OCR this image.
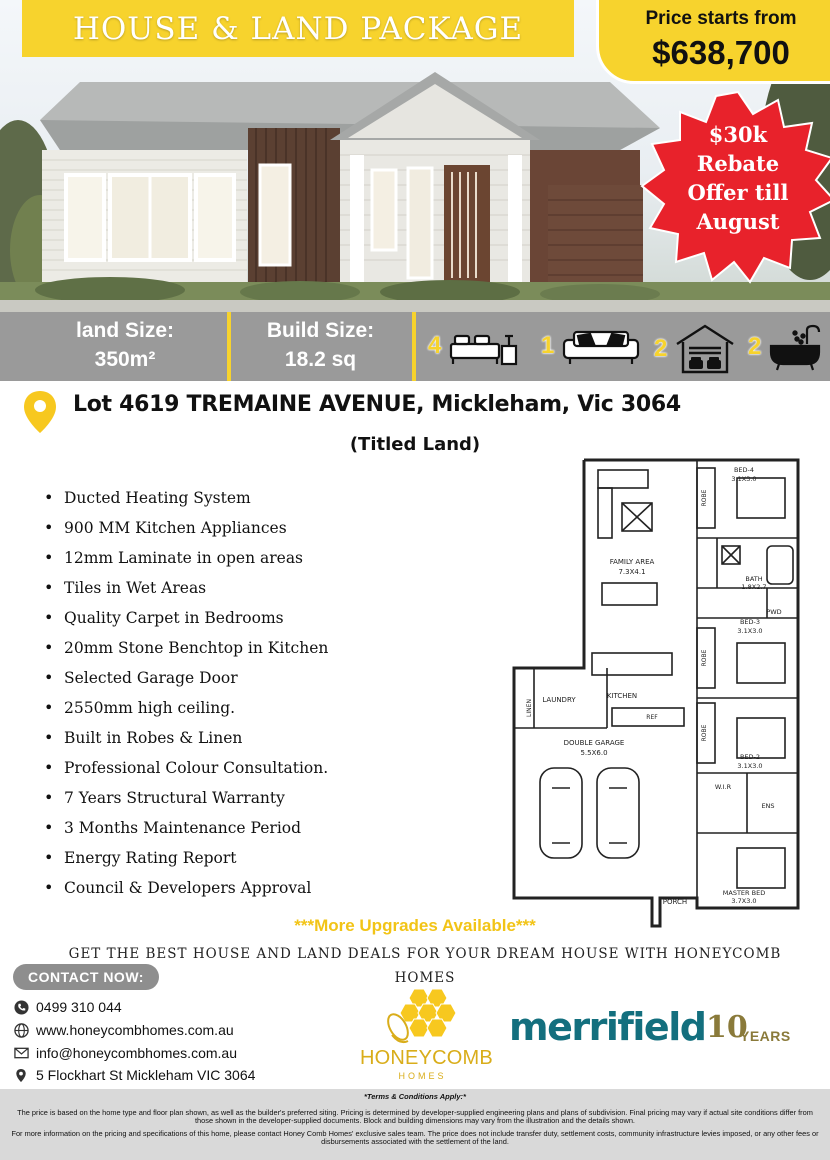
HOUSE & LAND PACKAGE	Price starts from
$638,700
$30k
Rebate
Offer till
August
land Size:
350m²
Build Size:
18.2 sq
4	1	2	2
Lot 4619 TREMAINE AVENUE, Mickleham, Vic 3064
(Titled Land)
• Ducted Heating System
• 900 MM Kitchen Appliances
• 12mm Laminate in open areas
• Tiles in Wet Areas
• Quality Carpet in Bedrooms
• 20mm Stone Benchtop in Kitchen
• Selected Garage Door
• 2550mm high ceiling.
• Built in Robes & Linen
• Professional Colour Consultation.
• 7 Years Structural Warranty
• 3 Months Maintenance Period
• Energy Rating Report
• Council & Developers Approval
FAMILY AREA
7.3X4.1
KITCHEN
LAUNDRY
LINEN
REF
DOUBLE GARAGE
5.5X6.0
PORCH
BED-4
3.1X3.0
BATH
1.8X2.7
PWD
BED-3
3.1X3.0
BED-2
3.1X3.0
W.I.R
ENS
MASTER BED
3.7X3.0
ROBE
ROBE
ROBE
***More Upgrades Available***
GET THE BEST HOUSE AND LAND DEALS FOR YOUR DREAM HOUSE WITH HONEYCOMB HOMES
CONTACT NOW:
0499 310 044
www.honeycombhomes.com.au
info@honeycombhomes.com.au
5 Flockhart St Mickleham VIC 3064
HONEYCOMB
HOMES
merrifield 10
YEARS
*Terms & Conditions Apply:*
The price is based on the home type and floor plan shown, as well as the builder's preferred siting. Pricing is determined by developer-supplied engineering plans and plans of subdivision. Final pricing may vary if actual site conditions differ from those shown in the developer-supplied documents. Block and building dimensions may vary from the illustration and the details shown.
For more information on the pricing and specifications of this home, please contact Honey Comb Homes' exclusive sales team. The price does not include transfer duty, settlement costs, community infrastructure levies imposed, or any other fees or disbursements associated with the settlement of the land.
